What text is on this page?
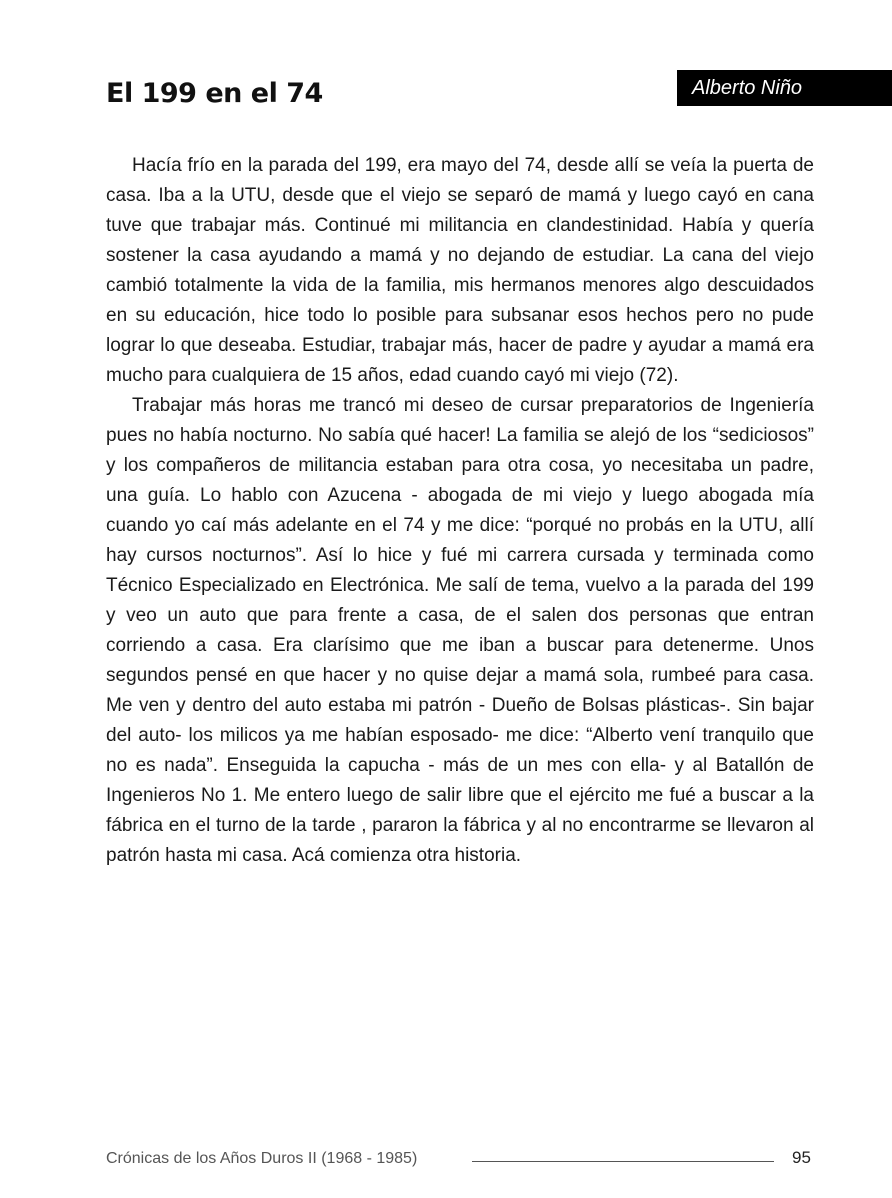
El 199 en el 74	Alberto Niño

Hacía frío en la parada del 199, era mayo del 74, desde allí se veía la puerta de casa. Iba a la UTU, desde que el viejo se separó de mamá y luego cayó en cana tuve que trabajar más. Continué mi militancia en clandestinidad. Había y quería sostener la casa ayudando a mamá y no dejando de estudiar. La cana del viejo cambió totalmente la vida de la familia, mis hermanos menores algo descuidados en su educación, hice todo lo posible para subsanar esos hechos pero no pude lograr lo que deseaba. Estudiar, trabajar más, hacer de padre y ayudar a mamá era mucho para cualquiera de 15 años, edad cuando cayó mi viejo (72).

Trabajar más horas me trancó mi deseo de cursar preparatorios de Ingeniería pues no había nocturno. No sabía qué hacer! La familia se alejó de los “sediciosos” y los compañeros de militancia estaban para otra cosa, yo necesitaba un padre, una guía. Lo hablo con Azucena - abogada de mi viejo y luego abogada mía cuando yo caí más adelante en el 74 y me dice: “porqué no probás en la UTU, allí hay cursos nocturnos”. Así lo hice y fué mi carrera cursada y terminada como Técnico Especializado en Electrónica. Me salí de tema, vuelvo a la parada del 199 y veo un auto que para frente a casa, de el salen dos personas que entran corriendo a casa. Era clarísimo que me iban a buscar para detenerme. Unos segundos pensé en que hacer y no quise dejar a mamá sola, rumbeé para casa. Me ven y dentro del auto estaba mi patrón - Dueño de Bolsas plásticas-. Sin bajar del auto- los milicos ya me habían esposado- me dice: “Alberto vení tranquilo que no es nada”. Enseguida la capucha - más de un mes con ella- y al Batallón de Ingenieros No 1. Me entero luego de salir libre que el ejército me fué a buscar a la fábrica en el turno de la tarde , pararon la fábrica y al no encontrarme se llevaron al patrón hasta mi casa. Acá comienza otra historia.

Crónicas de los Años Duros II (1968 - 1985)	95
